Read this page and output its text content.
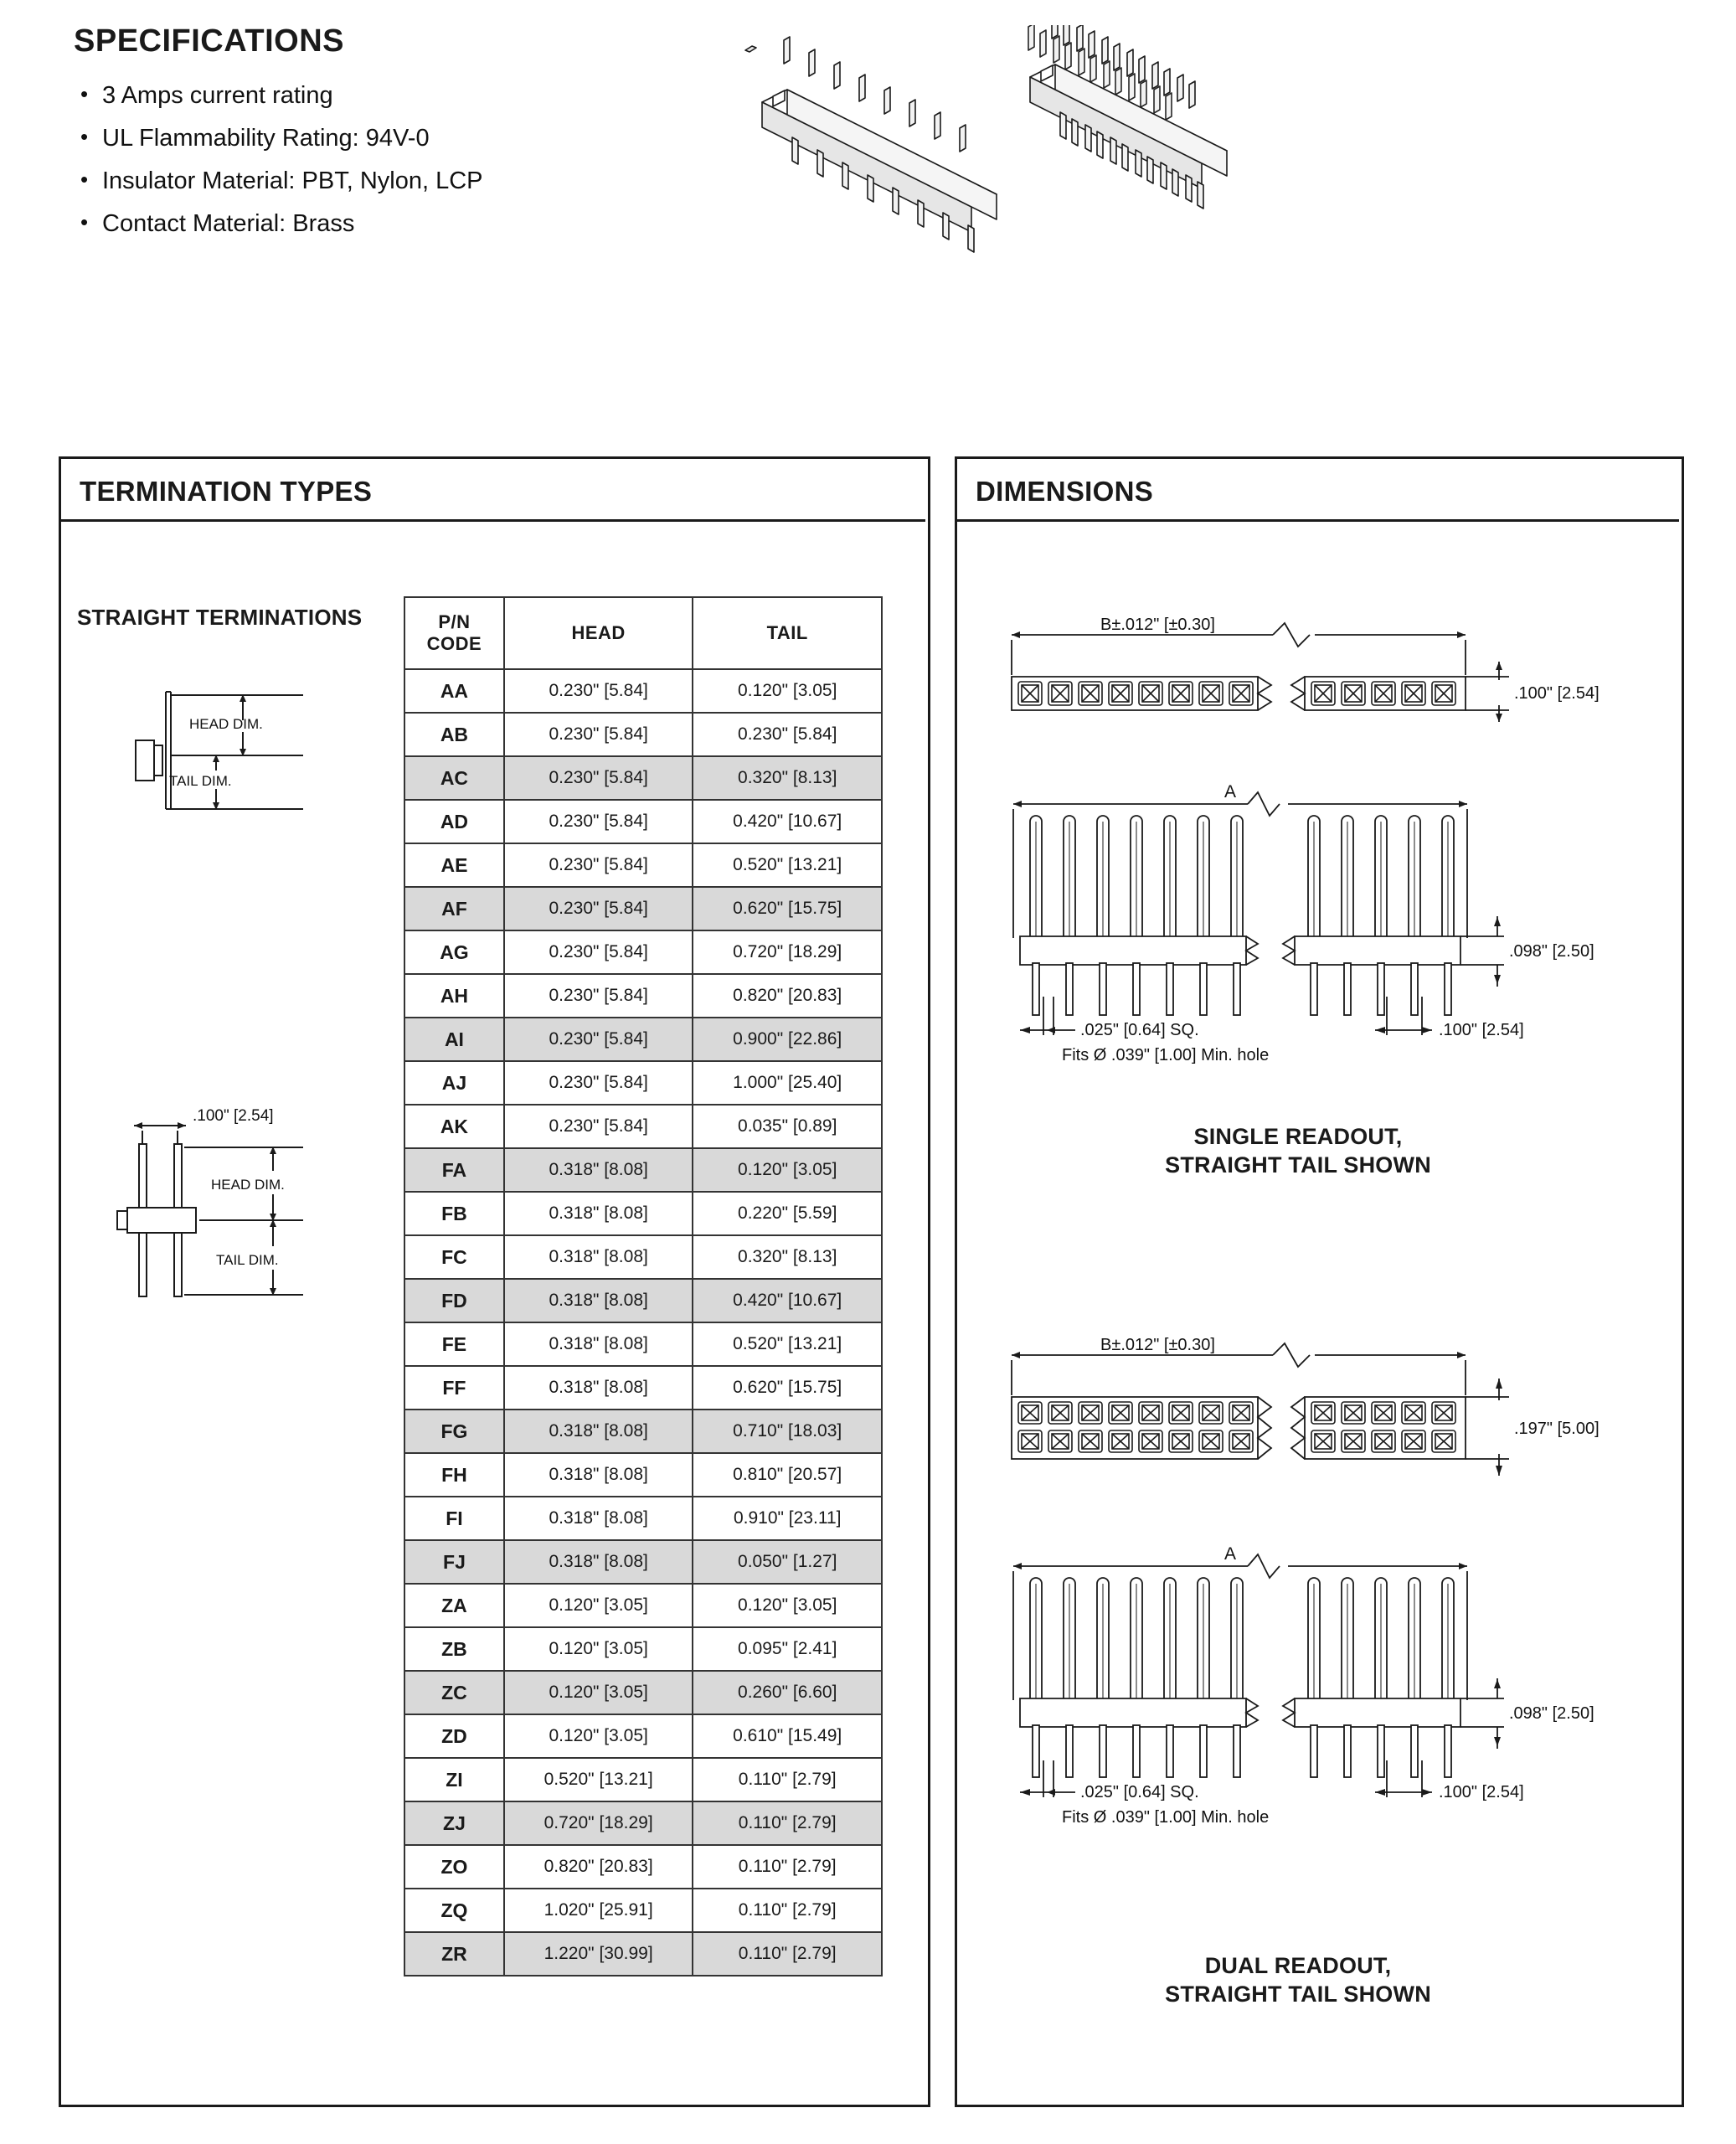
SPECIFICATIONS
• 3 Amps current rating
• UL Flammability Rating: 94V-0
• Insulator Material: PBT, Nylon, LCP
• Contact Material: Brass
TERMINATION TYPES
STRAIGHT TERMINATIONS
HEAD DIM.
TAIL DIM.
.100" [2.54]
HEAD DIM.
TAIL DIM.
P/N
CODE	HEAD	TAIL
AA	0.230" [5.84]	0.120" [3.05]
AB	0.230" [5.84]	0.230" [5.84]
AC	0.230" [5.84]	0.320" [8.13]
AD	0.230" [5.84]	0.420" [10.67]
AE	0.230" [5.84]	0.520" [13.21]
AF	0.230" [5.84]	0.620" [15.75]
AG	0.230" [5.84]	0.720" [18.29]
AH	0.230" [5.84]	0.820" [20.83]
AI	0.230" [5.84]	0.900" [22.86]
AJ	0.230" [5.84]	1.000" [25.40]
AK	0.230" [5.84]	0.035" [0.89]
FA	0.318" [8.08]	0.120" [3.05]
FB	0.318" [8.08]	0.220" [5.59]
FC	0.318" [8.08]	0.320" [8.13]
FD	0.318" [8.08]	0.420" [10.67]
FE	0.318" [8.08]	0.520" [13.21]
FF	0.318" [8.08]	0.620" [15.75]
FG	0.318" [8.08]	0.710" [18.03]
FH	0.318" [8.08]	0.810" [20.57]
FI	0.318" [8.08]	0.910" [23.11]
FJ	0.318" [8.08]	0.050" [1.27]
ZA	0.120" [3.05]	0.120" [3.05]
ZB	0.120" [3.05]	0.095" [2.41]
ZC	0.120" [3.05]	0.260" [6.60]
ZD	0.120" [3.05]	0.610" [15.49]
ZI	0.520" [13.21]	0.110" [2.79]
ZJ	0.720" [18.29]	0.110" [2.79]
ZO	0.820" [20.83]	0.110" [2.79]
ZQ	1.020" [25.91]	0.110" [2.79]
ZR	1.220" [30.99]	0.110" [2.79]
DIMENSIONS
B±.012" [±0.30]
.100" [2.54]
A
.098" [2.50]
.025" [0.64] SQ.
Fits Ø .039" [1.00] Min. hole
.100" [2.54]
SINGLE READOUT,
STRAIGHT TAIL SHOWN
B±.012" [±0.30]
.197" [5.00]
A
.098" [2.50]
.025" [0.64] SQ.
Fits Ø .039" [1.00] Min. hole
.100" [2.54]
DUAL READOUT,
STRAIGHT TAIL SHOWN
